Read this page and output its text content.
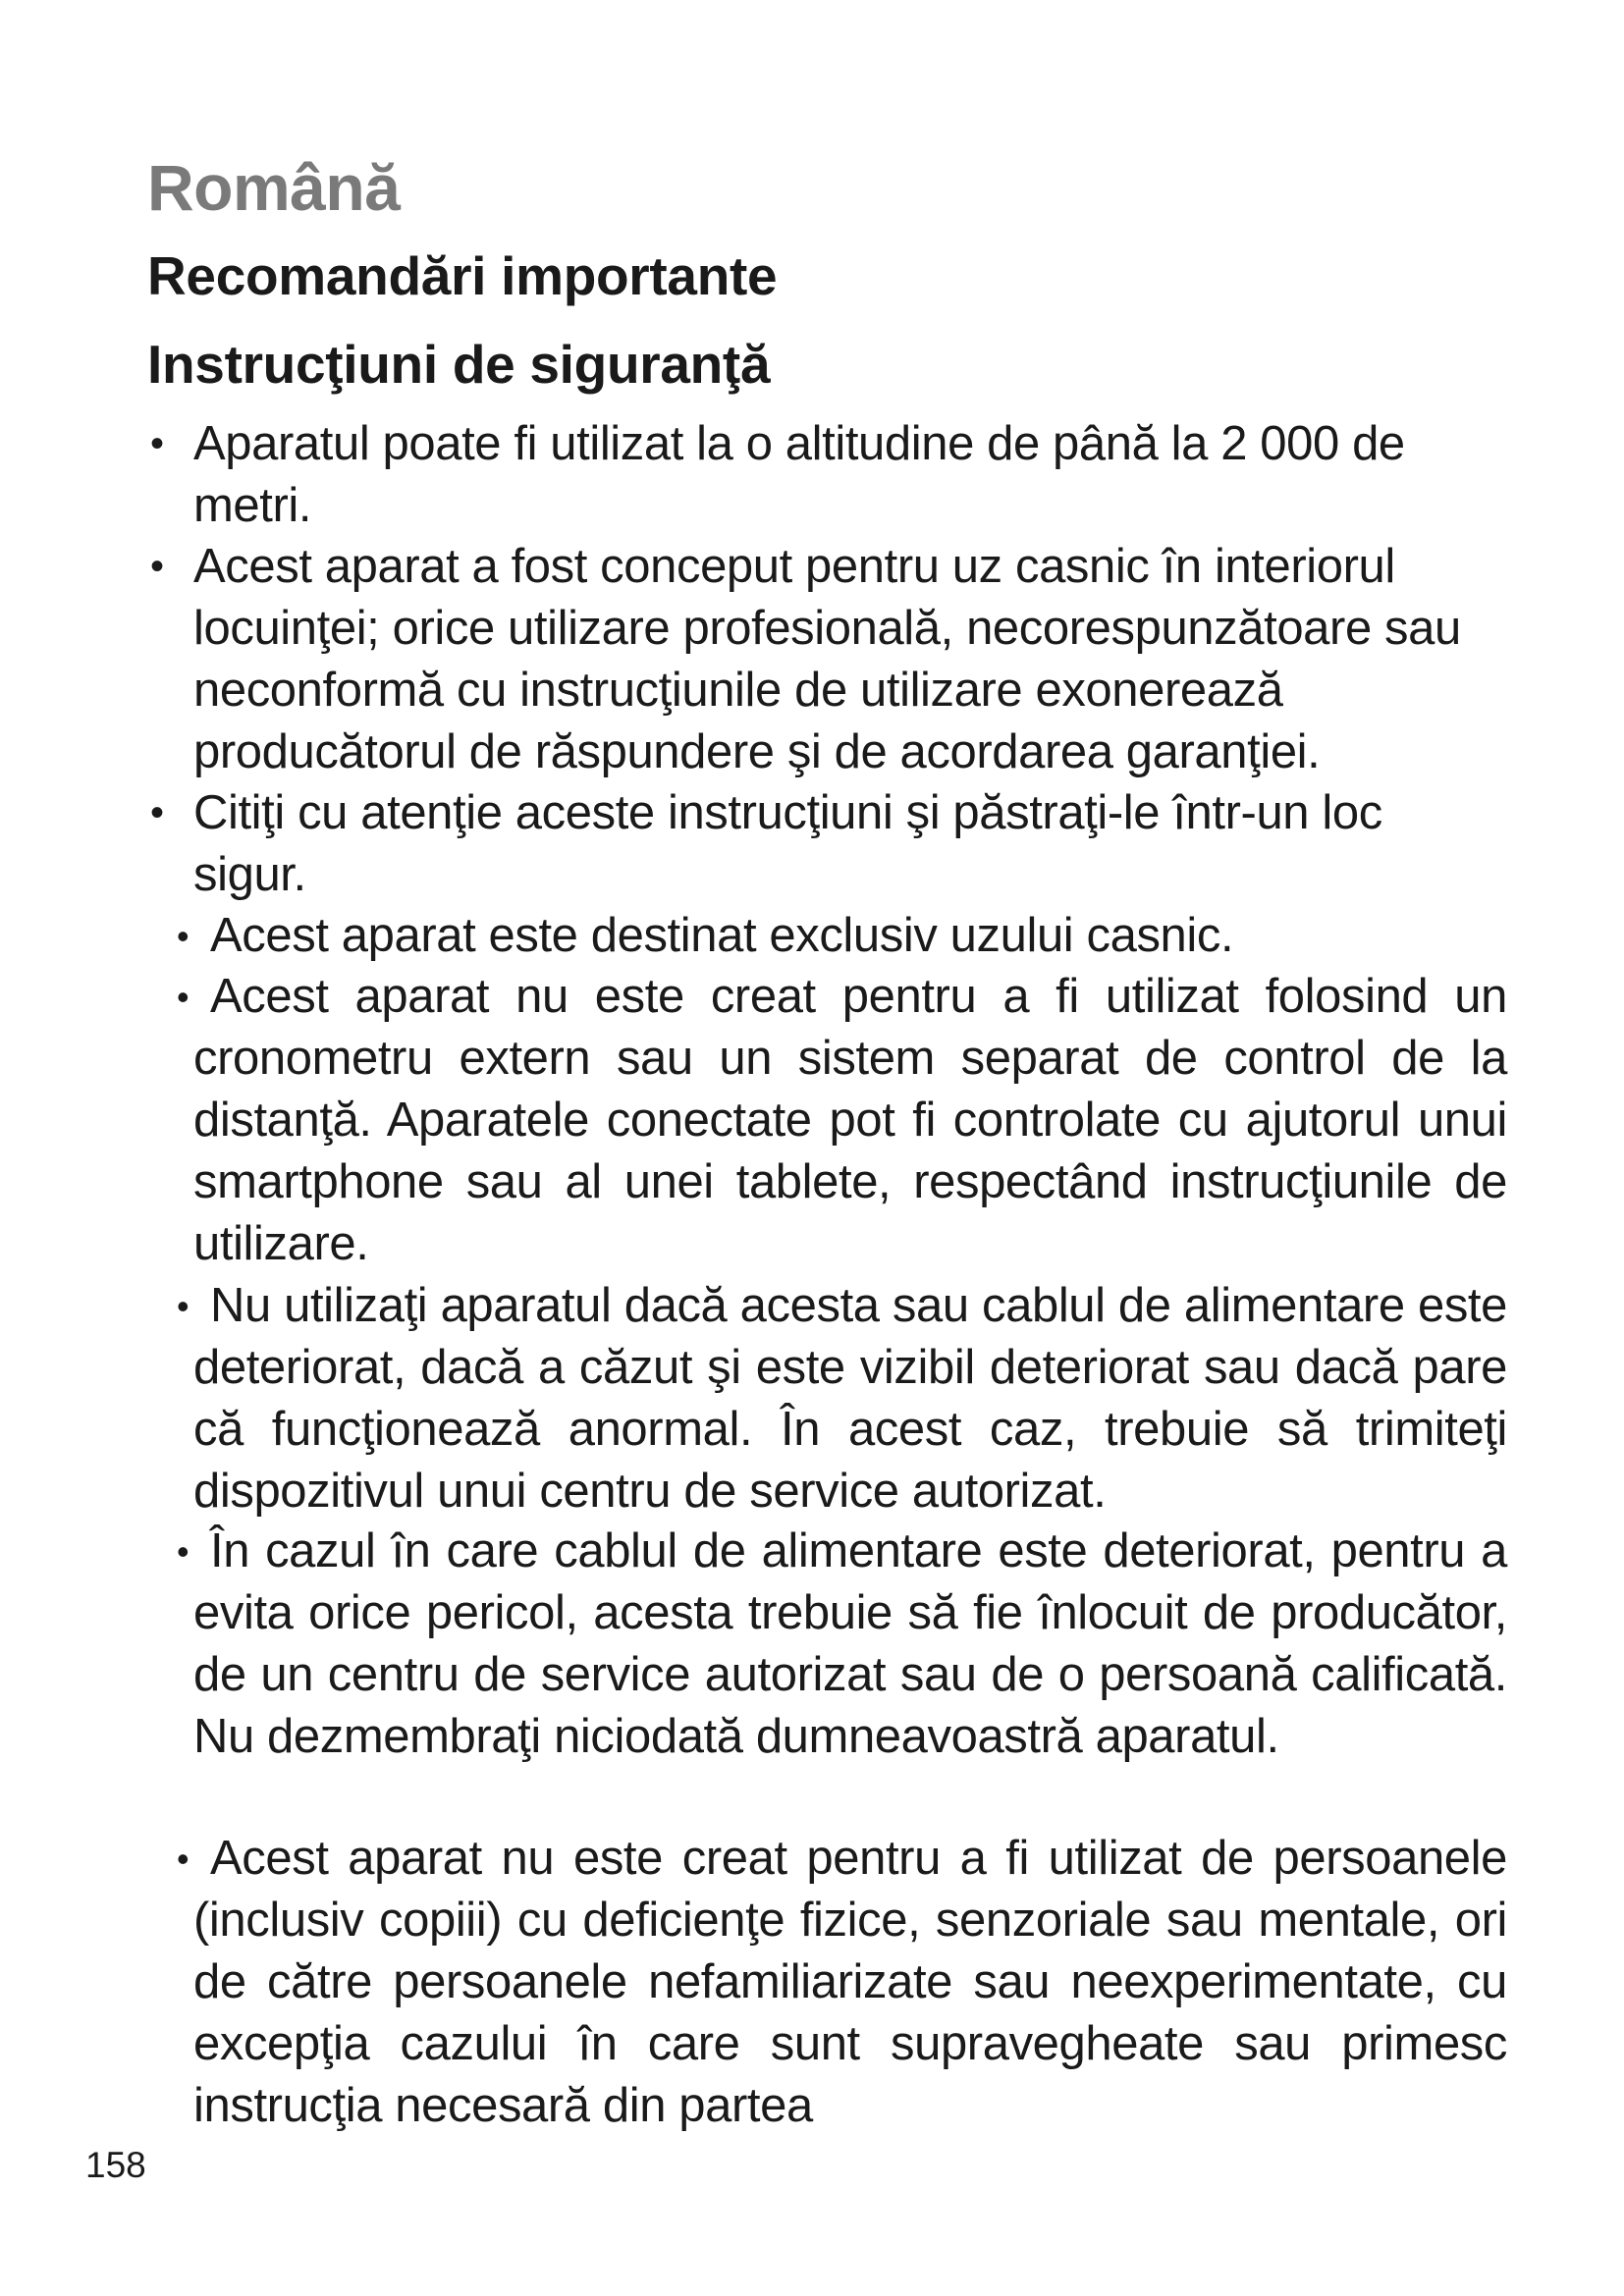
Română
Recomandări importante
Instrucţiuni de siguranţă
• Aparatul poate fi utilizat la o altitudine de până la 2 000 de metri.
• Acest aparat a fost conceput pentru uz casnic în interiorul locuinţei; orice utilizare profesională, necorespunzătoare sau neconformă cu instrucţiunile de utilizare exonerează producătorul de răspundere şi de acordarea garanţiei.
• Citiţi cu atenţie aceste instrucţiuni şi păstraţi-le într-un loc sigur.
• Acest aparat este destinat exclusiv uzului casnic.
• Acest aparat nu este creat pentru a fi utilizat folosind un cronometru extern sau un sistem separat de control de la distanţă. Aparatele conectate pot fi controlate cu ajutorul unui smartphone sau al unei tablete, respectând instrucţiunile de utilizare.
• Nu utilizaţi aparatul dacă acesta sau cablul de alimentare este deteriorat, dacă a căzut şi este vizibil deteriorat sau dacă pare că funcţionează anormal. În acest caz, trebuie să trimiteţi dispozitivul unui centru de service autorizat.
• În cazul în care cablul de alimentare este deteriorat, pentru a evita orice pericol, acesta trebuie să fie înlocuit de producător, de un centru de service autorizat sau de o persoană calificată. Nu dezmembraţi niciodată dumneavoastră aparatul.
• Acest aparat nu este creat pentru a fi utilizat de persoanele (inclusiv copiii) cu deficienţe fizice, senzoriale sau mentale, ori de către persoanele nefamiliarizate sau neexperimentate, cu excepţia cazului în care sunt supravegheate sau primesc instrucţia necesară din partea
158
